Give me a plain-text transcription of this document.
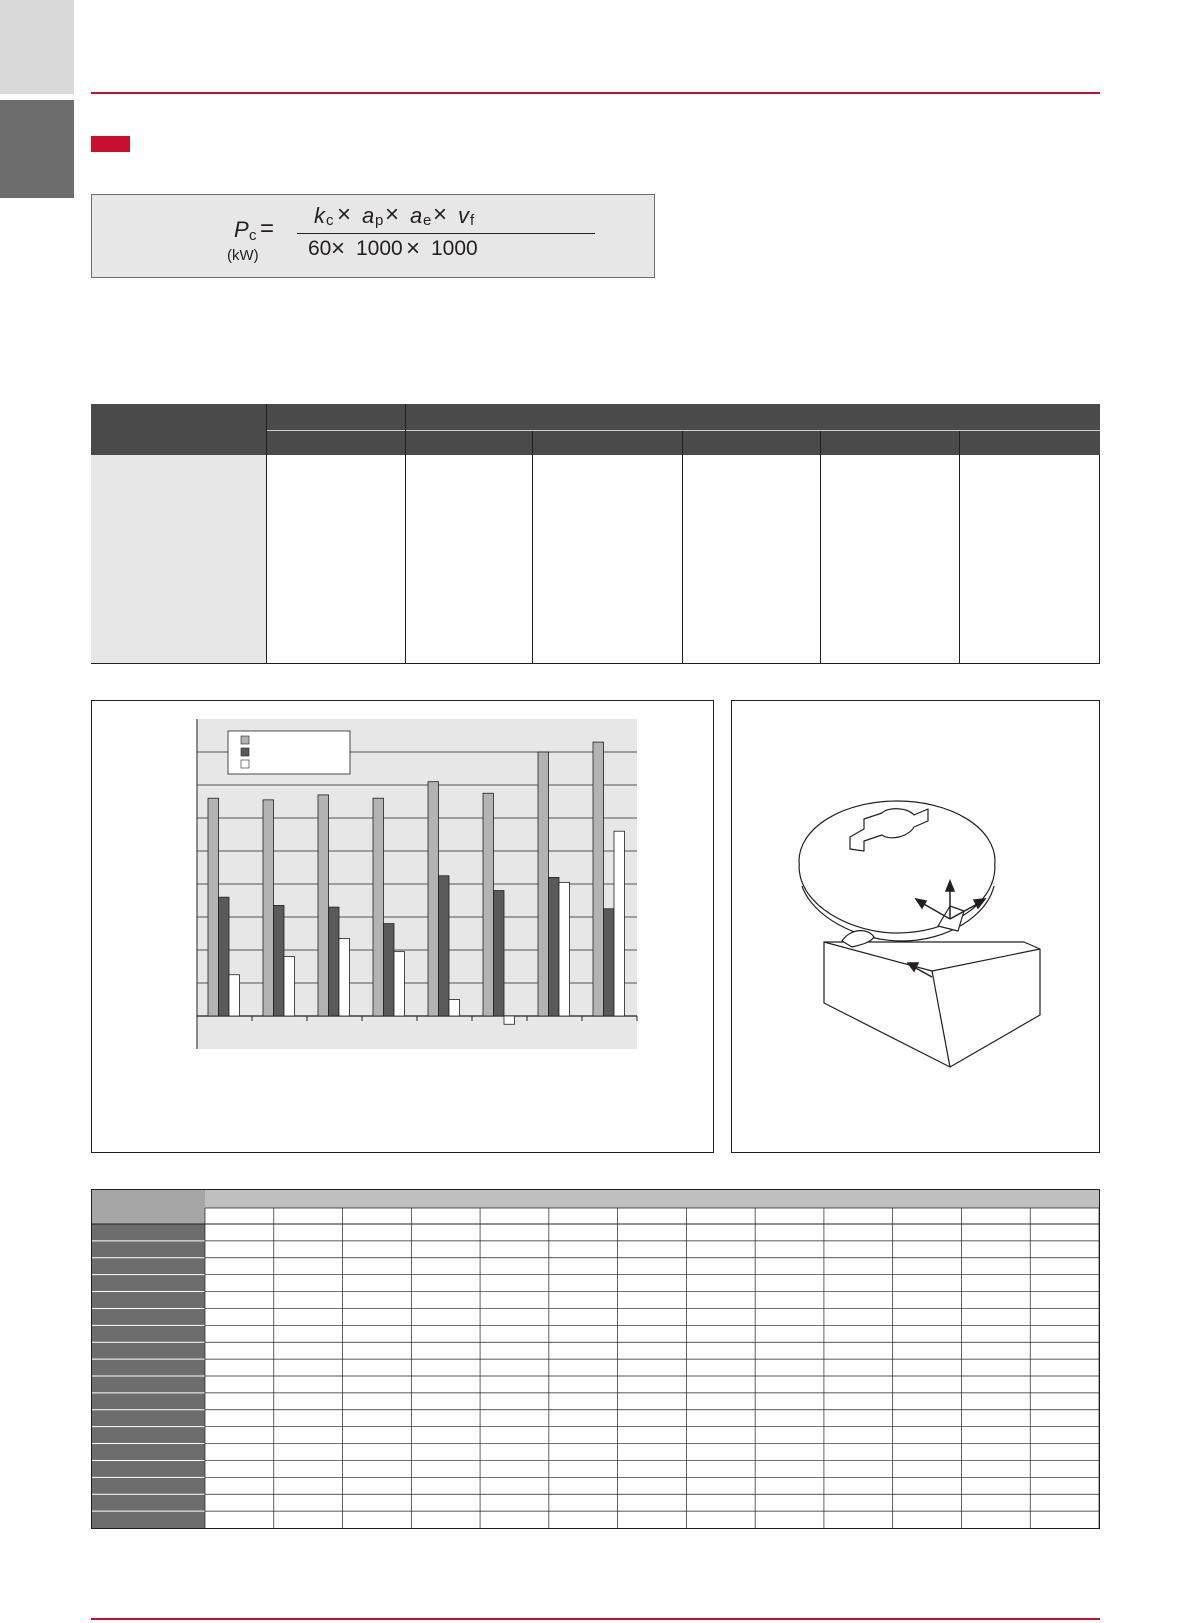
P c =
(kW)
k c × a p × a e × v f
60 × 1000 × 1000
